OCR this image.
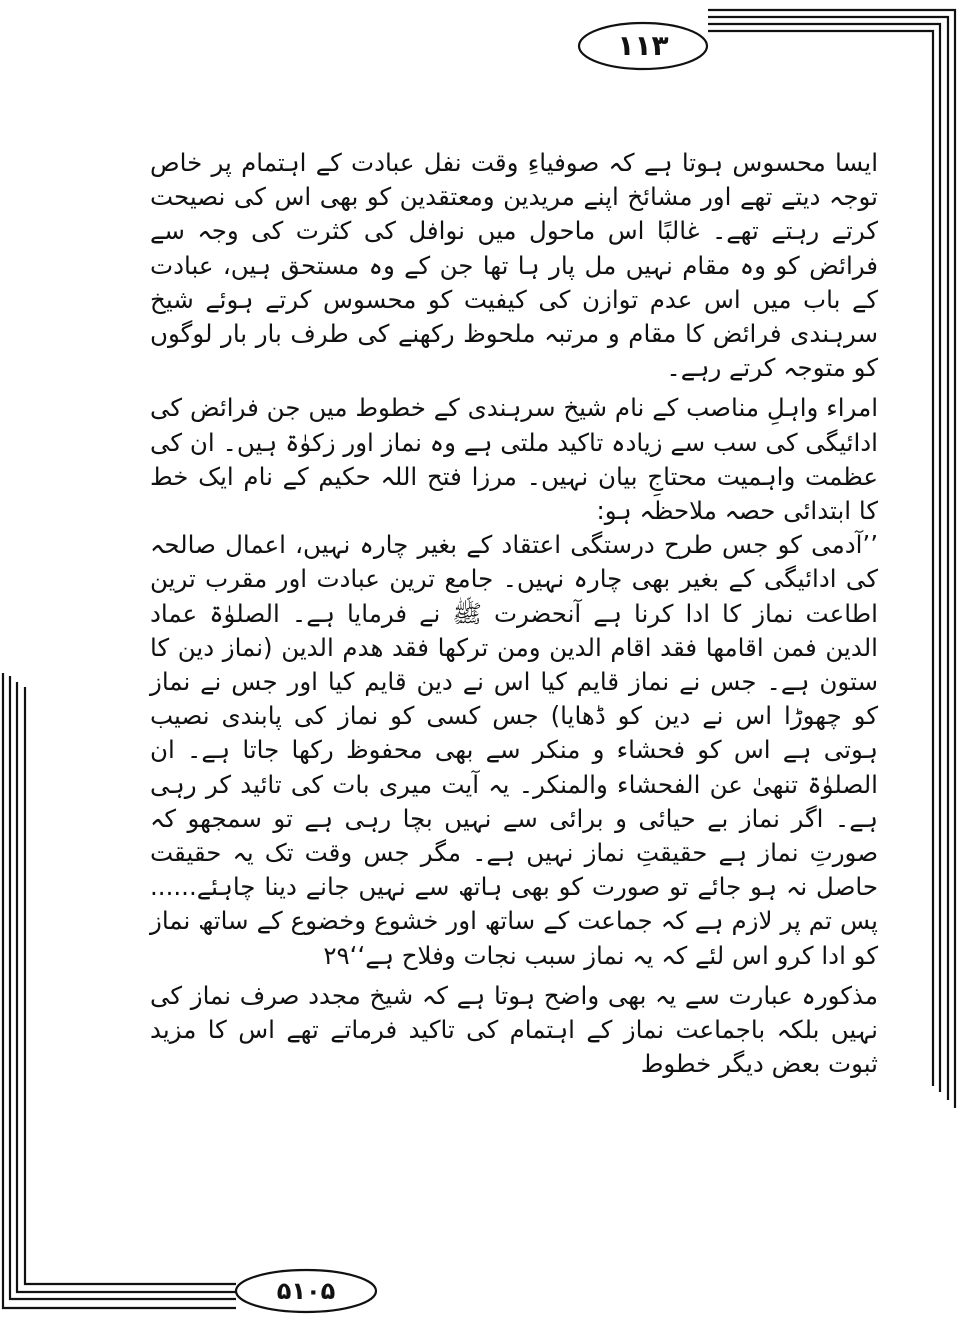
۱۱۳
۵۱۰۵

ایسا محسوس ہوتا ہے کہ صوفیاءِ وقت نفل عبادت کے اہتمام پر خاص توجہ دیتے تھے اور مشائخ اپنے مریدین ومعتقدین کو بھی اس کی نصیحت کرتے رہتے تھے۔ غالبًا اس ماحول میں نوافل کی کثرت کی وجہ سے فرائض کو وہ مقام نہیں مل پار ہا تھا جن کے وہ مستحق ہیں، عبادت کے باب میں اس عدم توازن کی کیفیت کو محسوس کرتے ہوئے شیخ سرہندی فرائض کا مقام و مرتبہ ملحوظ رکھنے کی طرف بار بار لوگوں کو متوجہ کرتے رہے۔

امراء واہلِ مناصب کے نام شیخ سرہندی کے خطوط میں جن فرائض کی ادائیگی کی سب سے زیادہ تاکید ملتی ہے وہ نماز اور زکوٰۃ ہیں۔ ان کی عظمت واہمیت محتاجِ بیان نہیں۔ مرزا فتح اللہ حکیم کے نام ایک خط کا ابتدائی حصہ ملاحظہ ہو:

’’آدمی کو جس طرح درستگی اعتقاد کے بغیر چارہ نہیں، اعمال صالحہ کی ادائیگی کے بغیر بھی چارہ نہیں۔ جامع ترین عبادت اور مقرب ترین اطاعت نماز کا ادا کرنا ہے آنحضرت ﷺ نے فرمایا ہے۔ الصلوٰۃ عماد الدین فمن اقامها فقد اقام الدین ومن ترکها فقد هدم الدین (نماز دین کا ستون ہے۔ جس نے نماز قایم کیا اس نے دین قایم کیا اور جس نے نماز کو چھوڑا اس نے دین کو ڈھایا) جس کسی کو نماز کی پابندی نصیب ہوتی ہے اس کو فحشاء و منکر سے بھی محفوظ رکھا جاتا ہے۔ ان الصلوٰۃ تنهیٰ عن الفحشاء والمنکر۔ یہ آیت میری بات کی تائید کر رہی ہے۔ اگر نماز بے حیائی و برائی سے نہیں بچا رہی ہے تو سمجھو کہ صورتِ نماز ہے حقیقتِ نماز نہیں ہے۔ مگر جس وقت تک یہ حقیقت حاصل نہ ہو جائے تو صورت کو بھی ہاتھ سے نہیں جانے دینا چاہئے...... پس تم پر لازم ہے کہ جماعت کے ساتھ اور خشوع وخضوع کے ساتھ نماز کو ادا کرو اس لئے کہ یہ نماز سبب نجات وفلاح ہے‘‘۲۹

مذکورہ عبارت سے یہ بھی واضح ہوتا ہے کہ شیخ مجدد صرف نماز کی نہیں بلکہ باجماعت نماز کے اہتمام کی تاکید فرماتے تھے اس کا مزید ثبوت بعض دیگر خطوط
